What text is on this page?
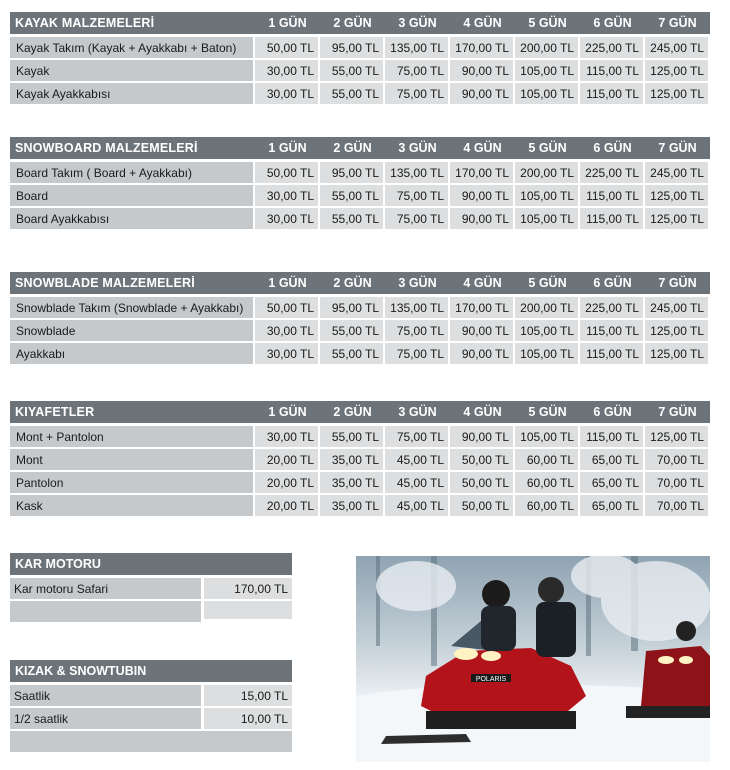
KAYAK MALZEMELERİ	1 GÜN	2 GÜN	3 GÜN	4 GÜN	5 GÜN	6 GÜN	7 GÜN
Kayak Takım (Kayak + Ayakkabı + Baton)	50,00 TL	95,00 TL 135,00 TL 170,00 TL 200,00 TL 225,00 TL 245,00 TL
Kayak	30,00 TL	55,00 TL	75,00 TL	90,00 TL 105,00 TL	115,00 TL 125,00 TL
Kayak Ayakkabısı	30,00 TL	55,00 TL	75,00 TL	90,00 TL 105,00 TL	115,00 TL 125,00 TL
SNOWBOARD MALZEMELERİ	1 GÜN	2 GÜN	3 GÜN	4 GÜN	5 GÜN	6 GÜN	7 GÜN
Board Takım ( Board + Ayakkabı)	50,00 TL	95,00 TL 135,00 TL 170,00 TL 200,00 TL 225,00 TL 245,00 TL
Board	30,00 TL	55,00 TL	75,00 TL	90,00 TL 105,00 TL	115,00 TL 125,00 TL
Board Ayakkabısı	30,00 TL	55,00 TL	75,00 TL	90,00 TL 105,00 TL	115,00 TL 125,00 TL
SNOWBLADE MALZEMELERİ	1 GÜN	2 GÜN	3 GÜN	4 GÜN	5 GÜN	6 GÜN	7 GÜN
Snowblade Takım (Snowblade + Ayakkabı)	50,00 TL	95,00 TL 135,00 TL 170,00 TL 200,00 TL 225,00 TL 245,00 TL
Snowblade	30,00 TL	55,00 TL	75,00 TL	90,00 TL 105,00 TL	115,00 TL 125,00 TL
Ayakkabı	30,00 TL	55,00 TL	75,00 TL	90,00 TL 105,00 TL	115,00 TL 125,00 TL
KIYAFETLER	1 GÜN	2 GÜN	3 GÜN	4 GÜN	5 GÜN	6 GÜN	7 GÜN
Mont + Pantolon	30,00 TL	55,00 TL	75,00 TL	90,00 TL 105,00 TL	115,00 TL 125,00 TL
Mont	20,00 TL	35,00 TL	45,00 TL	50,00 TL	60,00 TL	65,00 TL	70,00 TL
Pantolon	20,00 TL	35,00 TL	45,00 TL	50,00 TL	60,00 TL	65,00 TL	70,00 TL
Kask	20,00 TL	35,00 TL	45,00 TL	50,00 TL	60,00 TL	65,00 TL	70,00 TL
KAR MOTORU
Kar motoru Safari	170,00 TL
KIZAK & SNOWTUBIN
Saatlik	15,00 TL
1/2 saatlik	10,00 TL
POLARIS
